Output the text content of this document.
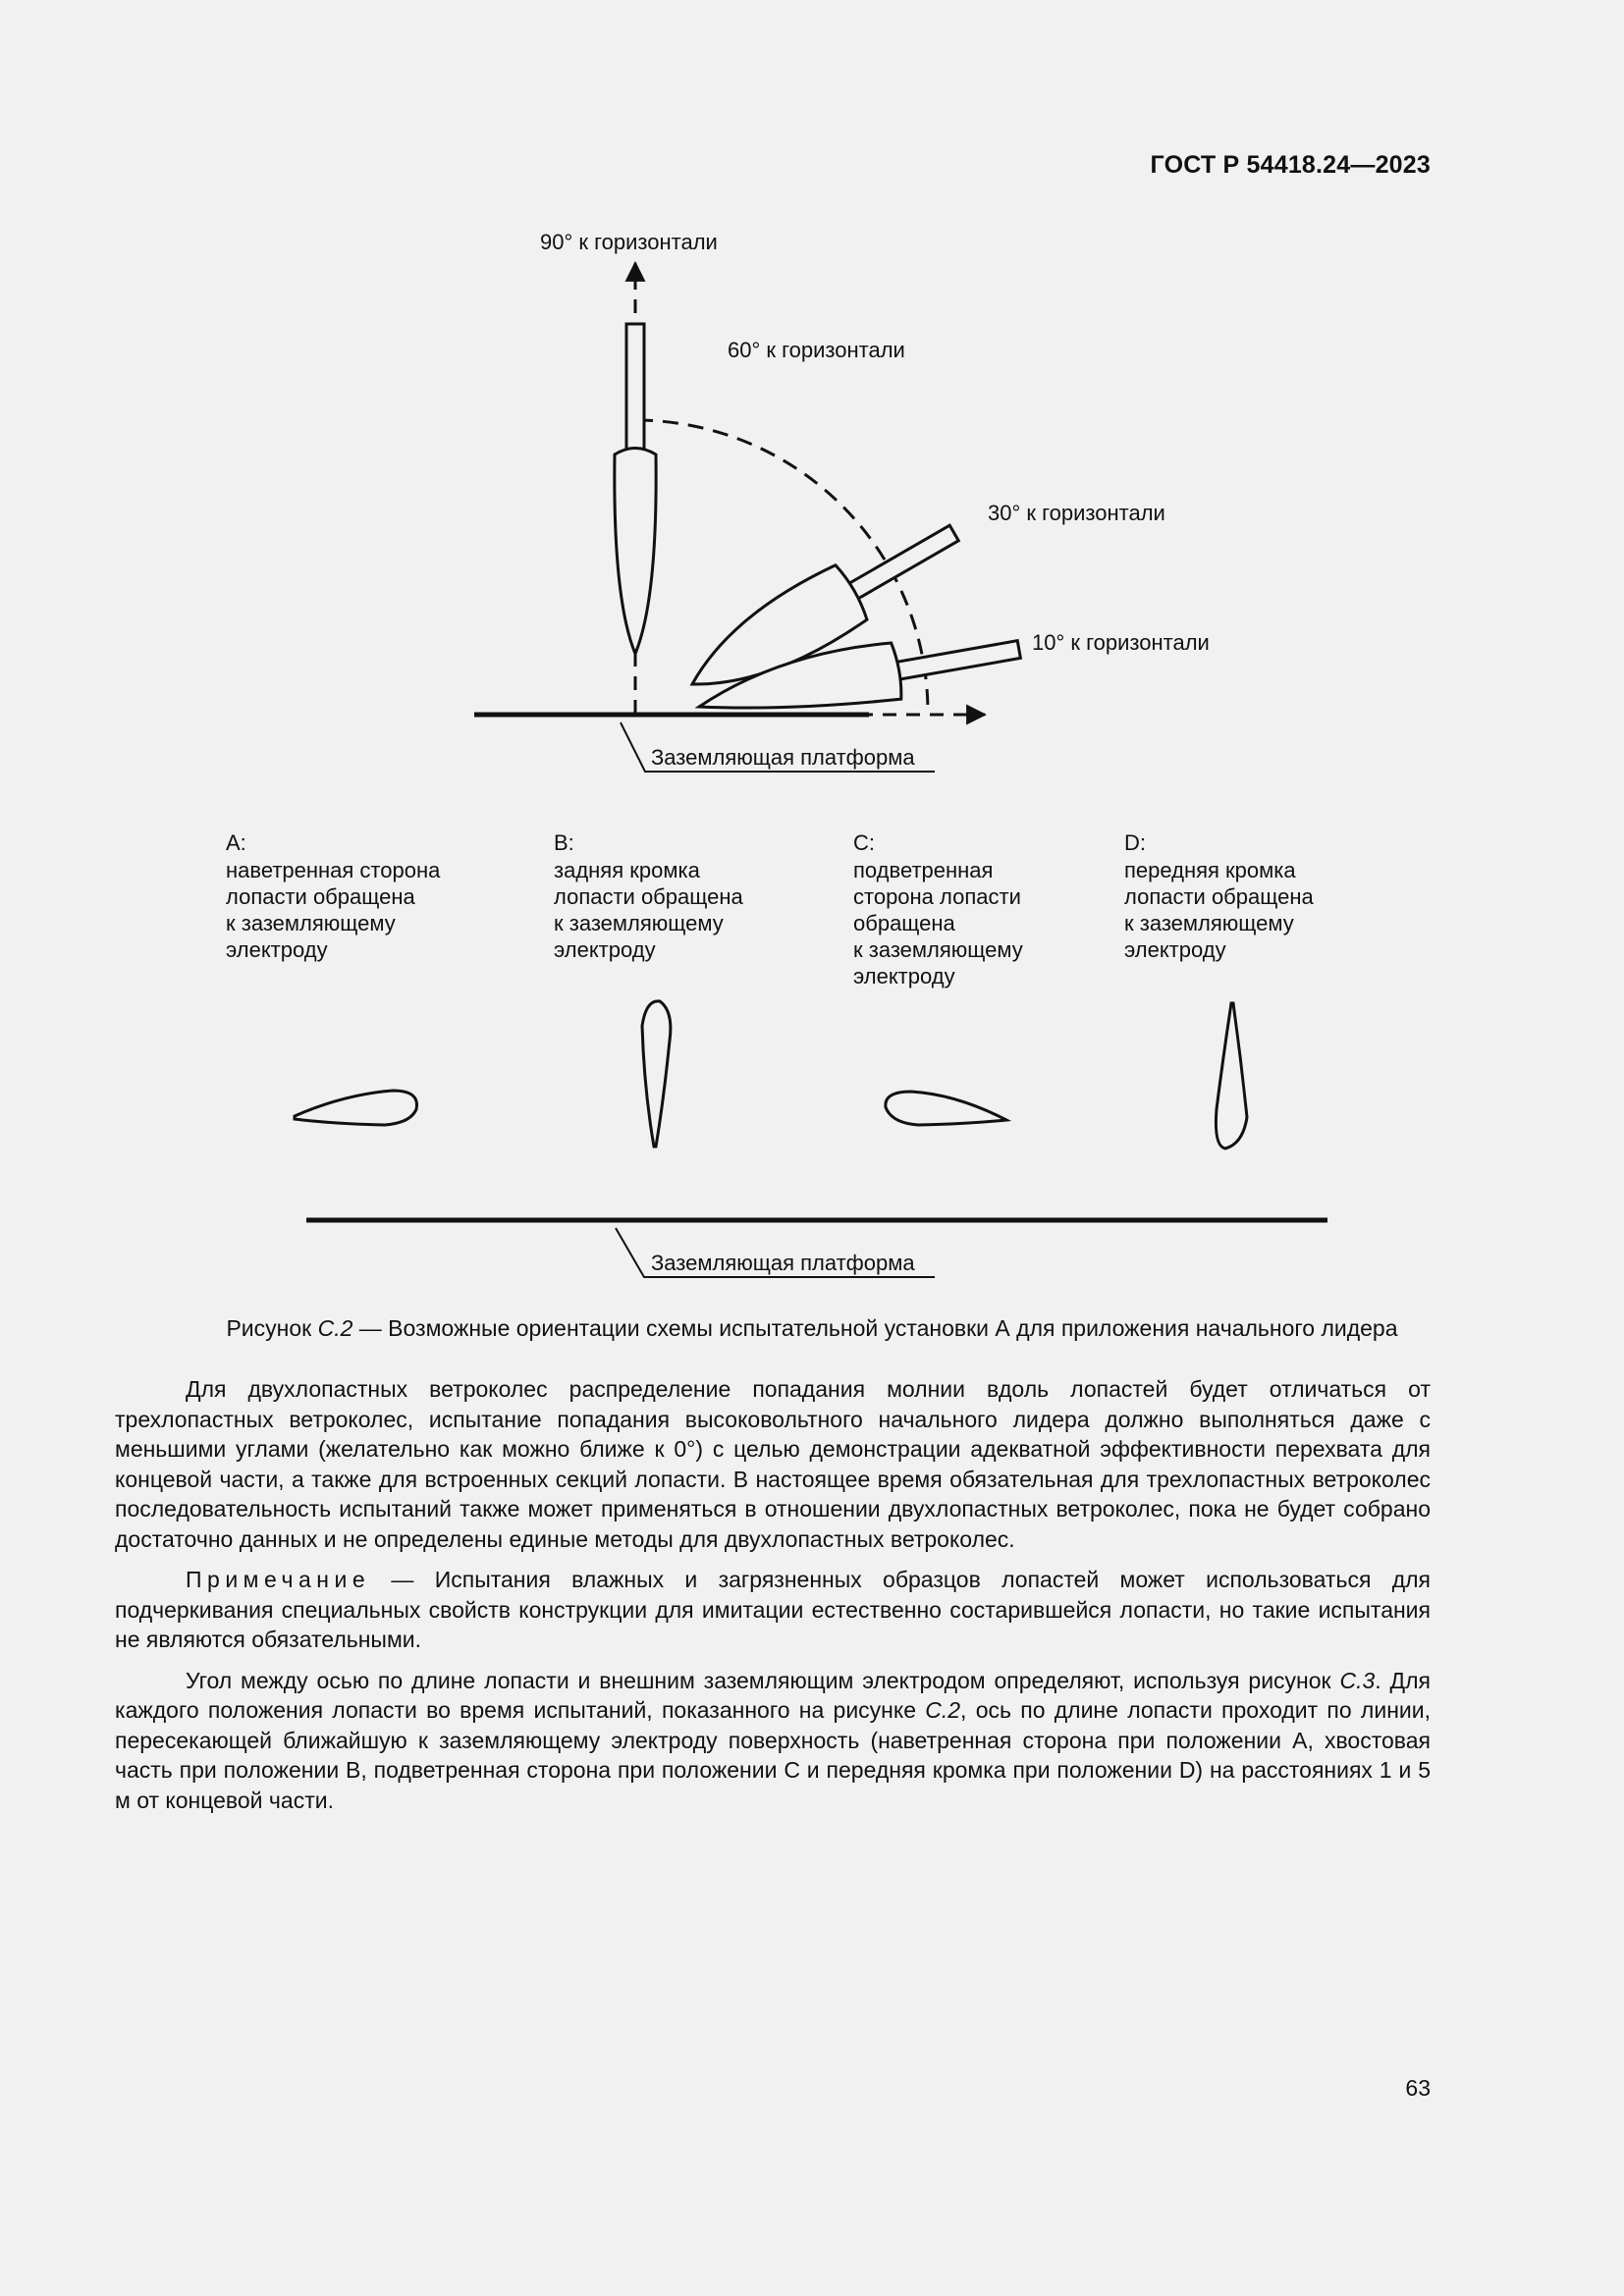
ГОСТ Р 54418.24—2023
90° к горизонтали
60° к горизонтали
30° к горизонтали
10° к горизонтали
Заземляющая платформа
A:
наветренная сторона
лопасти обращена
к заземляющему
электроду
B:
задняя кромка
лопасти обращена
к заземляющему
электроду
C:
подветренная
сторона лопасти
обращена
к заземляющему
электроду
D:
передняя кромка
лопасти обращена
к заземляющему
электроду
Заземляющая платформа
Рисунок С.2 — Возможные ориентации схемы испытательной установки А для приложения начального лидера

Для двухлопастных ветроколес распределение попадания молнии вдоль лопастей будет отличаться от трехлопастных ветроколес, испытание попадания высоковольтного начального лидера должно выполняться даже с меньшими углами (желательно как можно ближе к 0°) с целью демонстрации адекватной эффективности перехвата для концевой части, а также для встроенных секций лопасти. В настоящее время обязательная для трехлопастных ветроколес последовательность испытаний также может применяться в отношении двухлопастных ветроколес, пока не будет собрано достаточно данных и не определены единые методы для двухлопастных ветроколес.

Примечание — Испытания влажных и загрязненных образцов лопастей может использоваться для подчеркивания специальных свойств конструкции для имитации естественно состарившейся лопасти, но такие испытания не являются обязательными.

Угол между осью по длине лопасти и внешним заземляющим электродом определяют, используя рисунок С.3. Для каждого положения лопасти во время испытаний, показанного на рисунке С.2, ось по длине лопасти проходит по линии, пересекающей ближайшую к заземляющему электроду поверхность (наветренная сторона при положении А, хвостовая часть при положении В, подветренная сторона при положении С и передняя кромка при положении D) на расстояниях 1 и 5 м от концевой части.

63
